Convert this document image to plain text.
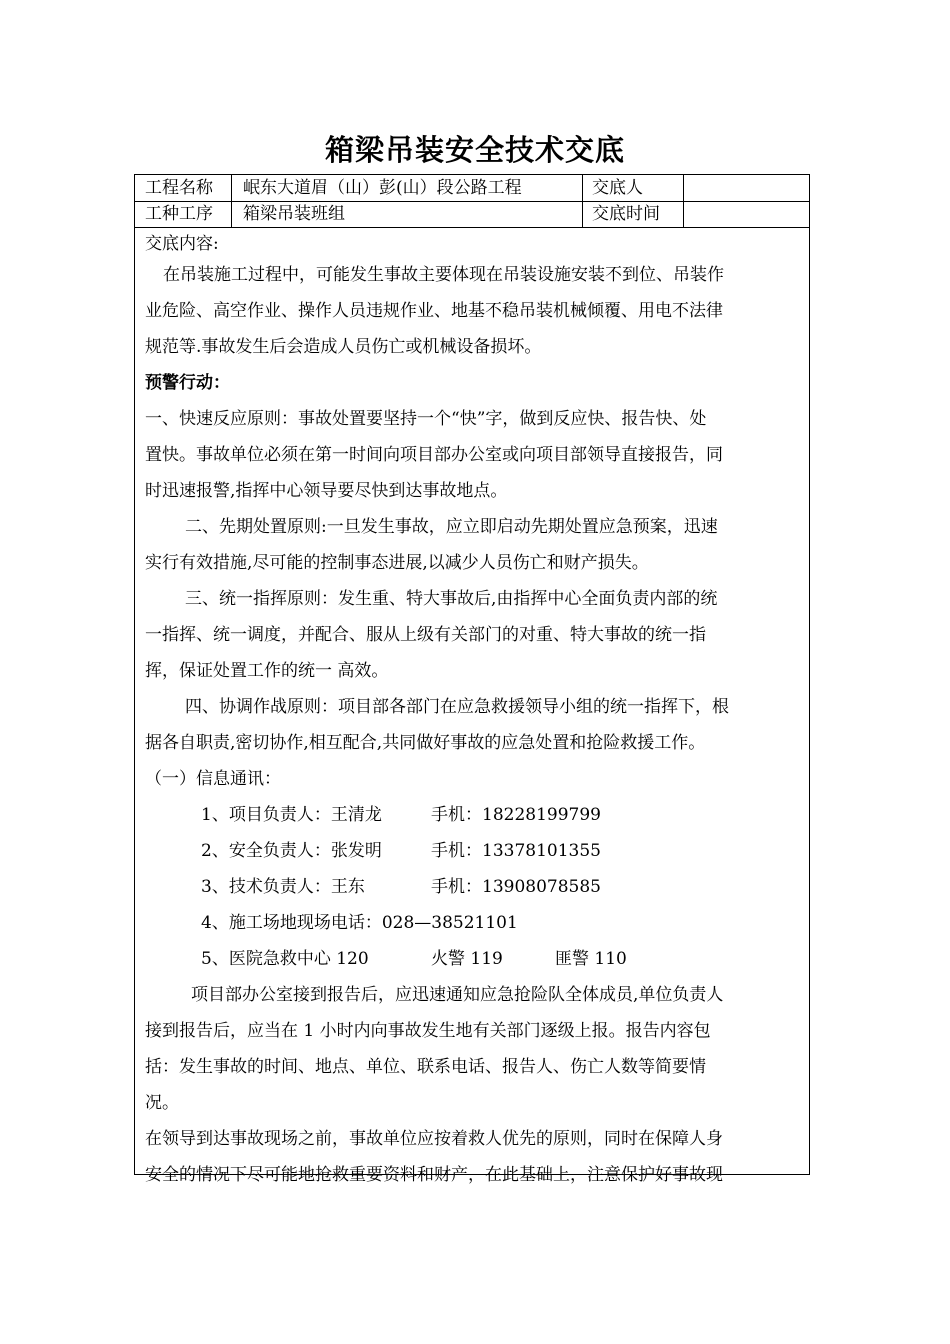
箱梁吊装安全技术交底
工程名称 岷东大道眉（山）彭(山）段公路工程	交底人
工种工序 箱梁吊装班组	交底时间

交底内容:

在吊装施工过程中，可能发生事故主要体现在吊装设施安装不到位、吊装作

业危险、高空作业、操作人员违规作业、地基不稳吊装机械倾覆、用电不法律

规范等.事故发生后会造成人员伤亡或机械设备损坏。

预警行动：

一、快速反应原则：事故处置要坚持一个“快”字，做到反应快、报告快、处

置快。事故单位必须在第一时间向项目部办公室或向项目部领导直接报告，同

时迅速报警,指挥中心领导要尽快到达事故地点。

二、先期处置原则:一旦发生事故，应立即启动先期处置应急预案，迅速

实行有效措施,尽可能的控制事态进展,以减少人员伤亡和财产损失。

三、统一指挥原则：发生重、特大事故后,由指挥中心全面负责内部的统

一指挥、统一调度，并配合、服从上级有关部门的对重、特大事故的统一指

挥，保证处置工作的统一 高效。

四、协调作战原则：项目部各部门在应急救援领导小组的统一指挥下，根

据各自职责,密切协作,相互配合,共同做好事故的应急处置和抢险救援工作。

（一）信息通讯：

1、项目负责人：王清龙	手机：18228199799

2、安全负责人：张发明	手机：13378101355

3、技术负责人：王东	手机：13908078585

4、施工场地现场电话：028—38521101

5、医院急救中心 120	火警 119	匪警 110

项目部办公室接到报告后，应迅速通知应急抢险队全体成员,单位负责人

接到报告后，应当在 1 小时内向事故发生地有关部门逐级上报。报告内容包

括：发生事故的时间、地点、单位、联系电话、报告人、伤亡人数等简要情

况。

在领导到达事故现场之前，事故单位应按着救人优先的原则，同时在保障人身

安全的情况下尽可能地抢救重要资料和财产，在此基础上，注意保护好事故现
